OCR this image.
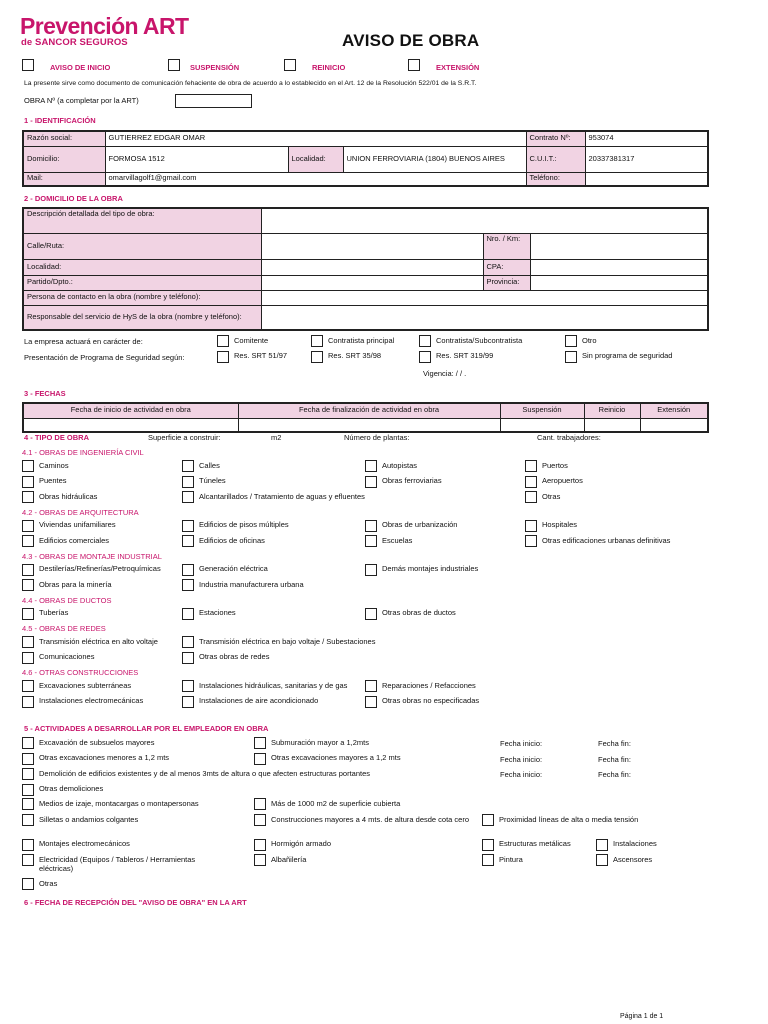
Prevención ART
de SANCOR SEGUROS	AVISO DE OBRA
AVISO DE INICIO	SUSPENSIÓN	REINICIO	EXTENSIÓN
La presente sirve como documento de comunicación fehaciente de obra de acuerdo a lo establecido en el Art. 12 de la Resolución 522/01 de la S.R.T.
OBRA Nº (a completar por la ART)
1 - IDENTIFICACIÓN
Razón social:	GUTIERREZ EDGAR OMAR			Contrato Nº:	953074
Domicilio:	FORMOSA 1512	Localidad:	UNION FERROVIARIA (1804) BUENOS AIRES	C.U.I.T.:	20337381317
Mail:	omarvillagolf1@gmail.com			Teléfono:	
2 - DOMICILIO DE LA OBRA
Descripción detallada del tipo de obra:			
Calle/Ruta:		Nro. / Km:	
Localidad:		CPA:	
Partido/Dpto.:		Provincia:	
Persona de contacto en la obra (nombre y teléfono):			
Responsable del servicio de HyS de la obra (nombre y teléfono):			
La empresa actuará en carácter de:	Comitente	Contratista principal	Contratista/Subcontratista	Otro
Presentación de Programa de Seguridad según:	Res. SRT 51/97	Res. SRT 35/98	Res. SRT 319/99	Sin programa de seguridad
Vigencia: / / .
3 - FECHAS
Fecha de inicio de actividad en obra	Fecha de finalización de actividad en obra	Suspensión	Reinicio	Extensión

4 - TIPO DE OBRA	Superficie a construir:	m2	Número de plantas:	Cant. trabajadores:
4.1 - OBRAS DE INGENIERÍA CIVIL
Caminos	Calles	Autopistas	Puertos
Puentes	Túneles	Obras ferroviarias	Aeropuertos
Obras hidráulicas	Alcantarillados / Tratamiento de aguas y efluentes	Otras
4.2 - OBRAS DE ARQUITECTURA
Viviendas unifamiliares	Edificios de pisos múltiples	Obras de urbanización	Hospitales
Edificios comerciales	Edificios de oficinas	Escuelas	Otras edificaciones urbanas definitivas
4.3 - OBRAS DE MONTAJE INDUSTRIAL
Destilerías/Refinerías/Petroquímicas	Generación eléctrica	Demás montajes industriales
Obras para la minería	Industria manufacturera urbana
4.4 - OBRAS DE DUCTOS
Tuberías	Estaciones	Otras obras de ductos
4.5 - OBRAS DE REDES
Transmisión eléctrica en alto voltaje	Transmisión eléctrica en bajo voltaje / Subestaciones
Comunicaciones	Otras obras de redes
4.6 - OTRAS CONSTRUCCIONES
Excavaciones subterráneas	Instalaciones hidráulicas, sanitarias y de gas	Reparaciones / Refacciones
Instalaciones electromecánicas	Instalaciones de aire acondicionado	Otras obras no especificadas
5 - ACTIVIDADES A DESARROLLAR POR EL EMPLEADOR EN OBRA
Excavación de subsuelos mayores	Submuración mayor a 1,2mts	Fecha inicio:	Fecha fin:
Otras excavaciones menores a 1,2 mts	Otras excavaciones mayores a 1,2 mts	Fecha inicio:	Fecha fin:
Demolición de edificios existentes y de al menos 3mts de altura o que afecten estructuras portantes	Fecha inicio:	Fecha fin:
Otras demoliciones
Medios de izaje, montacargas o montapersonas	Más de 1000 m2 de superficie cubierta
Silletas o andamios colgantes	Construcciones mayores a 4 mts. de altura desde cota cero	Proximidad líneas de alta o media tensión
Montajes electromecánicos	Hormigón armado	Estructuras metálicas	Instalaciones
Electricidad (Equipos / Tableros / Herramientas eléctricas)
Albañilería	Pintura	Ascensores
Otras
6 - FECHA DE RECEPCIÓN DEL "AVISO DE OBRA" EN LA ART
Página 1 de 1
